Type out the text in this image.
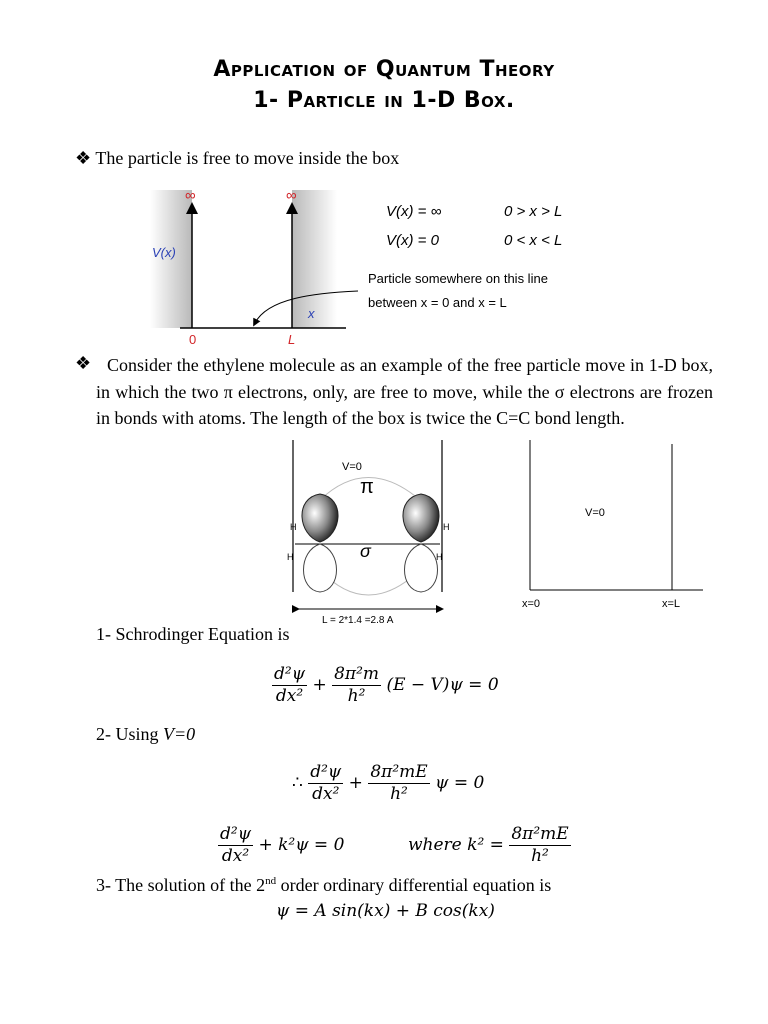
Application of Quantum Theory
1- Particle in 1-D Box.
❖ The particle is free to move inside the box
∞	∞
V(x)
x
0	L
V(x) = ∞	0 > x > L
V(x) = 0	0 < x < L
Particle somewhere on this line
between x = 0 and x = L
❖ Consider the ethylene molecule as an example of the free particle move in 1-D box, in which the two π electrons, only, are free to move, while the σ electrons are frozen in bonds with atoms. The length of the box is twice the C=C bond length.
V=0
π
σ
H	H
H	H
L = 2*1.4 =2.8 A
V=0
x=0	x=L
1- Schrodinger Equation is
$\frac{\text{d²ψ}}{\text{dx²}} + \frac{\text{8π²m}}{\text{h²}} (E - V)\psi = 0$
2- Using V=0
∴ $\frac{\text{d²ψ}}{\text{dx²}} + \frac{\text{8π²mE}}{\text{h²}}$ ψ = 0
$\frac{\text{d²ψ}}{\text{dx²}} + k^2\psi = 0$	where $k^2 = \frac{\text{8π²mE}}{\text{h²}}$
3- The solution of the 2nd order ordinary differential equation is
ψ = A sin(kx) + B cos(kx)
